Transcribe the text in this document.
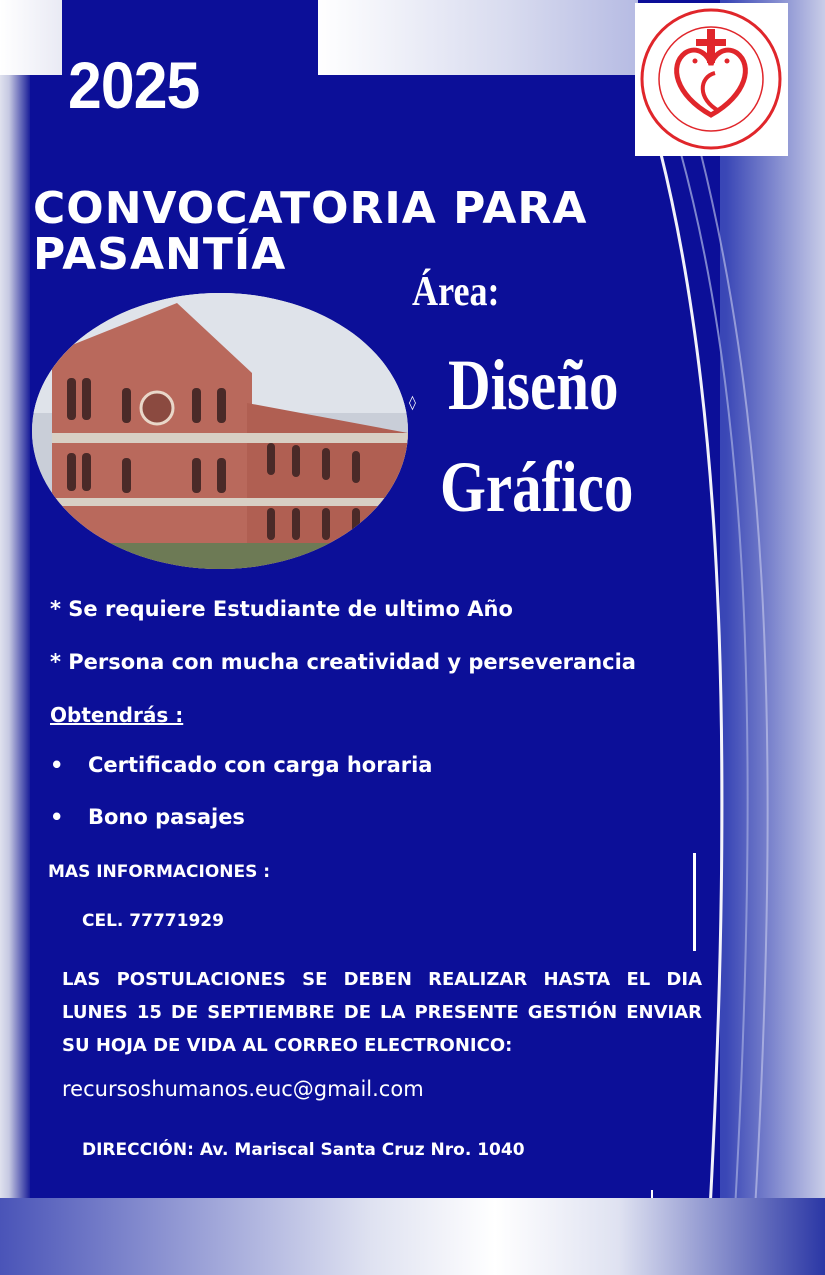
2025
CONVOCATORIA PARA
PASANTÍA
Área:
◊ Diseño
Gráfico
* Se requiere Estudiante de ultimo Año
* Persona con mucha creatividad y perseverancia
Obtendrás :
• Certificado con carga horaria
• Bono pasajes
MAS INFORMACIONES :
CEL. 77771929
LAS POSTULACIONES SE DEBEN REALIZAR HASTA EL DIA LUNES 15 DE SEPTIEMBRE DE LA PRESENTE GESTIÓN ENVIAR SU HOJA DE VIDA AL CORREO ELECTRONICO:
recursoshumanos.euc@gmail.com
DIRECCIÓN: Av. Mariscal Santa Cruz Nro. 1040
